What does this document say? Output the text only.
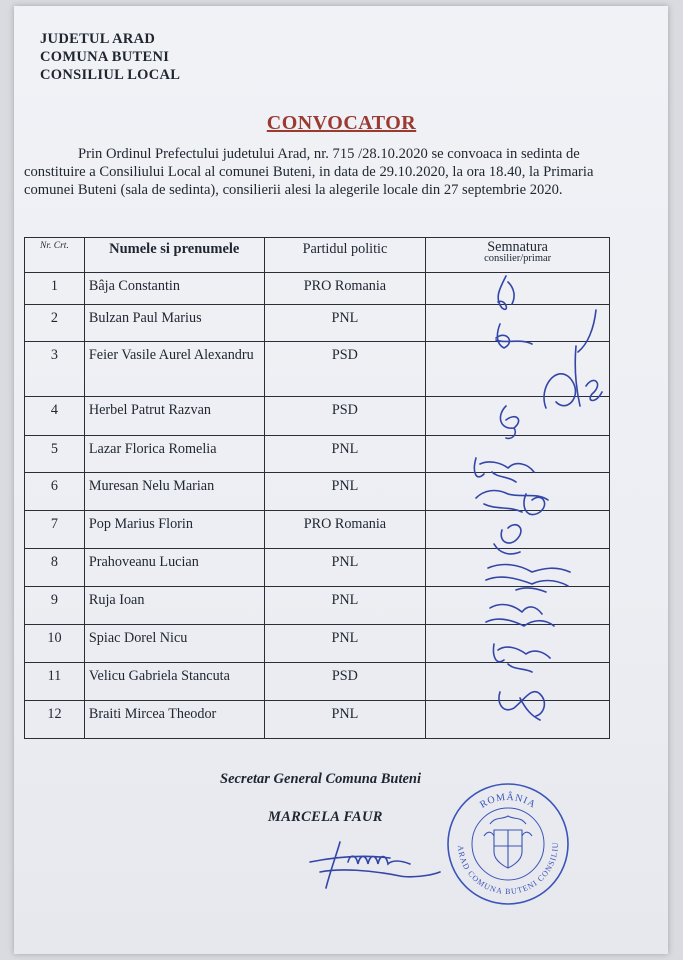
JUDETUL ARAD
COMUNA BUTENI
CONSILIUL LOCAL
CONVOCATOR
Prin Ordinul Prefectului judetului Arad, nr. 715 /28.10.2020 se convoaca in sedinta de constituire a Consiliului Local al comunei Buteni, in data de 29.10.2020, la ora 18.40, la Primaria comunei Buteni (sala de sedinta), consilierii alesi la alegerile locale din 27 septembrie 2020.
Nr. Crt.	Numele si prenumele	Partidul politic	Semnatura
consilier/primar

1	Bâja Constantin	PRO Romania	
2	Bulzan Paul Marius	PNL	
3	Feier Vasile Aurel Alexandru	PSD	
4	Herbel Patrut Razvan	PSD	
5	Lazar Florica Romelia	PNL	
6	Muresan Nelu Marian	PNL	
7	Pop Marius Florin	PRO Romania	
8	Prahoveanu Lucian	PNL	
9	Ruja Ioan	PNL	
10	Spiac Dorel Nicu	PNL	
11	Velicu Gabriela Stancuta	PSD	
12	Braiti Mircea Theodor	PNL	
Secretar General Comuna Buteni
MARCELA FAUR
ROMÂNIA
ARAD COMUNA BUTENI CONSILIU
